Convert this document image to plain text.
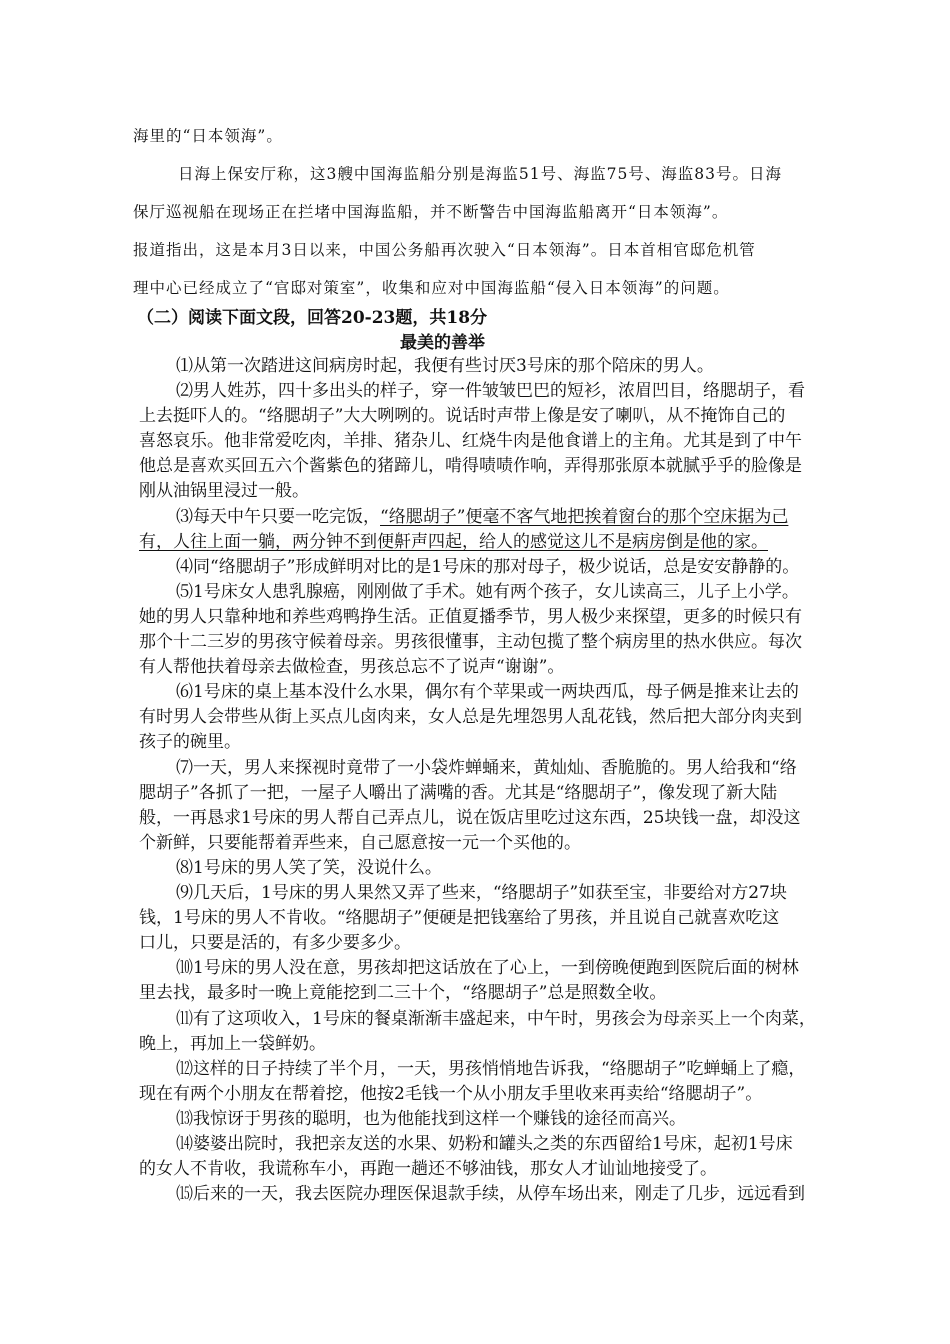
海里的“日本领海”。

日海上保安厅称，这3艘中国海监船分别是海监51号、海监75号、海监83号。日海

保厅巡视船在现场正在拦堵中国海监船，并不断警告中国海监船离开“日本领海”。

报道指出，这是本月3日以来，中国公务船再次驶入“日本领海”。日本首相官邸危机管

理中心已经成立了“官邸对策室”，收集和应对中国海监船“侵入日本领海”的问题。

（二）阅读下面文段，回答20-23题，共18分

最美的善举

⑴从第一次踏进这间病房时起，我便有些讨厌3号床的那个陪床的男人。

⑵男人姓苏，四十多出头的样子，穿一件皱皱巴巴的短衫，浓眉凹目，络腮胡子，看

上去挺吓人的。“络腮胡子”大大咧咧的。说话时声带上像是安了喇叭，从不掩饰自己的

喜怒哀乐。他非常爱吃肉，羊排、猪杂儿、红烧牛肉是他食谱上的主角。尤其是到了中午

他总是喜欢买回五六个酱紫色的猪蹄儿，啃得啧啧作响，弄得那张原本就腻乎乎的脸像是

刚从油锅里浸过一般。

⑶每天中午只要一吃完饭，“络腮胡子”便毫不客气地把挨着窗台的那个空床据为己

有，人往上面一躺，两分钟不到便鼾声四起，给人的感觉这儿不是病房倒是他的家。

⑷同“络腮胡子”形成鲜明对比的是1号床的那对母子，极少说话，总是安安静静的。

⑸1号床女人患乳腺癌，刚刚做了手术。她有两个孩子，女儿读高三，儿子上小学。

她的男人只靠种地和养些鸡鸭挣生活。正值夏播季节，男人极少来探望，更多的时候只有

那个十二三岁的男孩守候着母亲。男孩很懂事，主动包揽了整个病房里的热水供应。每次

有人帮他扶着母亲去做检查，男孩总忘不了说声“谢谢”。

⑹1号床的桌上基本没什么水果，偶尔有个苹果或一两块西瓜，母子俩是推来让去的

有时男人会带些从街上买点儿卤肉来，女人总是先埋怨男人乱花钱，然后把大部分肉夹到

孩子的碗里。

⑺一天，男人来探视时竟带了一小袋炸蝉蛹来，黄灿灿、香脆脆的。男人给我和“络

腮胡子”各抓了一把，一屋子人嚼出了满嘴的香。尤其是“络腮胡子”，像发现了新大陆

般，一再恳求1号床的男人帮自己弄点儿，说在饭店里吃过这东西，25块钱一盘，却没这

个新鲜，只要能帮着弄些来，自己愿意按一元一个买他的。

⑻1号床的男人笑了笑，没说什么。

⑼几天后，1号床的男人果然又弄了些来，“络腮胡子”如获至宝，非要给对方27块

钱，1号床的男人不肯收。“络腮胡子”便硬是把钱塞给了男孩，并且说自己就喜欢吃这

口儿，只要是活的，有多少要多少。

⑽1号床的男人没在意，男孩却把这话放在了心上，一到傍晚便跑到医院后面的树林

里去找，最多时一晚上竟能挖到二三十个，“络腮胡子”总是照数全收。

⑾有了这项收入，1号床的餐桌渐渐丰盛起来，中午时，男孩会为母亲买上一个肉菜，

晚上，再加上一袋鲜奶。

⑿这样的日子持续了半个月，一天，男孩悄悄地告诉我，“络腮胡子”吃蝉蛹上了瘾，

现在有两个小朋友在帮着挖，他按2毛钱一个从小朋友手里收来再卖给“络腮胡子”。

⒀我惊讶于男孩的聪明，也为他能找到这样一个赚钱的途径而高兴。

⒁婆婆出院时，我把亲友送的水果、奶粉和罐头之类的东西留给1号床，起初1号床

的女人不肯收，我谎称车小，再跑一趟还不够油钱，那女人才讪讪地接受了。

⒂后来的一天，我去医院办理医保退款手续，从停车场出来，刚走了几步，远远看到
